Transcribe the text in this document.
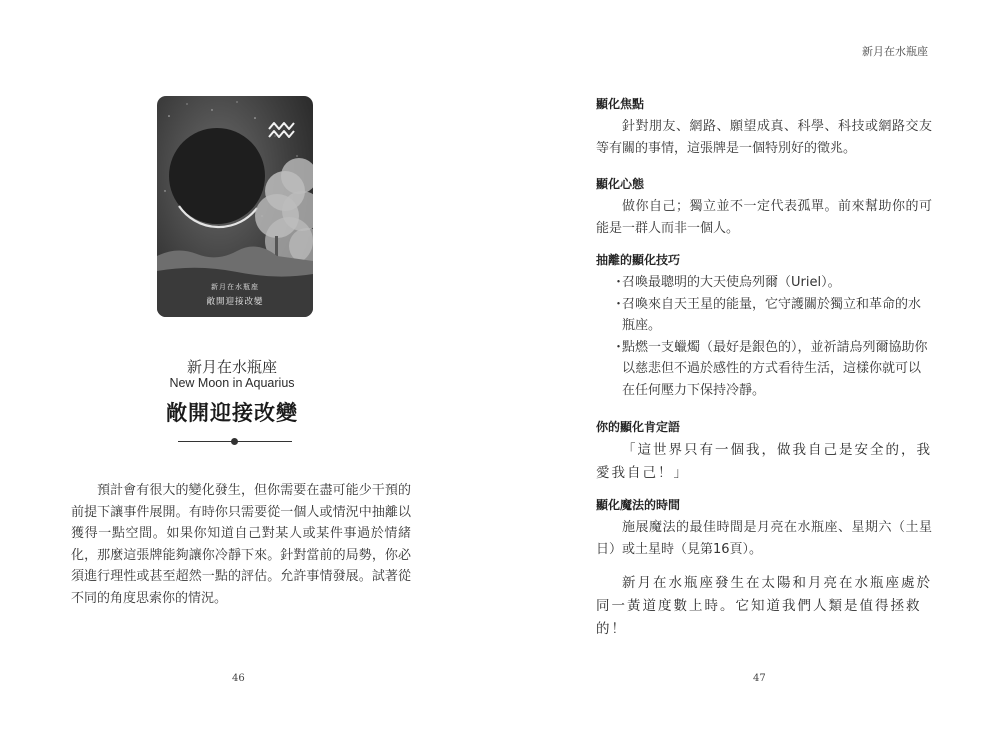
新月在水瓶座
敞開迎接改變
新月在水瓶座
New Moon in Aquarius
敞開迎接改變

預計會有很大的變化發生，但你需要在盡可能少干預的前提下讓事件展開。有時你只需要從一個人或情況中抽離以獲得一點空間。如果你知道自己對某人或某件事過於情緒化，那麼這張牌能夠讓你冷靜下來。針對當前的局勢，你必須進行理性或甚至超然一點的評估。允許事情發展。試著從不同的角度思索你的情況。

46
新月在水瓶座

顯化焦點

針對朋友、網路、願望成真、科學、科技或網路交友等有關的事情，這張牌是一個特別好的徵兆。

顯化心態

做你自己；獨立並不一定代表孤單。前來幫助你的可能是一群人而非一個人。

抽離的顯化技巧

・
召喚最聰明的大天使烏列爾（Uriel）。
・
召喚來自天王星的能量，它守護關於獨立和革命的水瓶座。
・
點燃一支蠟燭（最好是銀色的），並祈請烏列爾協助你以慈悲但不過於感性的方式看待生活，這樣你就可以在任何壓力下保持冷靜。

你的顯化肯定語

「這世界只有一個我，做我自己是安全的，我愛我自己！」

顯化魔法的時間

施展魔法的最佳時間是月亮在水瓶座、星期六（土星日）或土星時（見第16頁）。

新月在水瓶座發生在太陽和月亮在水瓶座處於同一黃道度數上時。它知道我們人類是值得拯救的！

47
